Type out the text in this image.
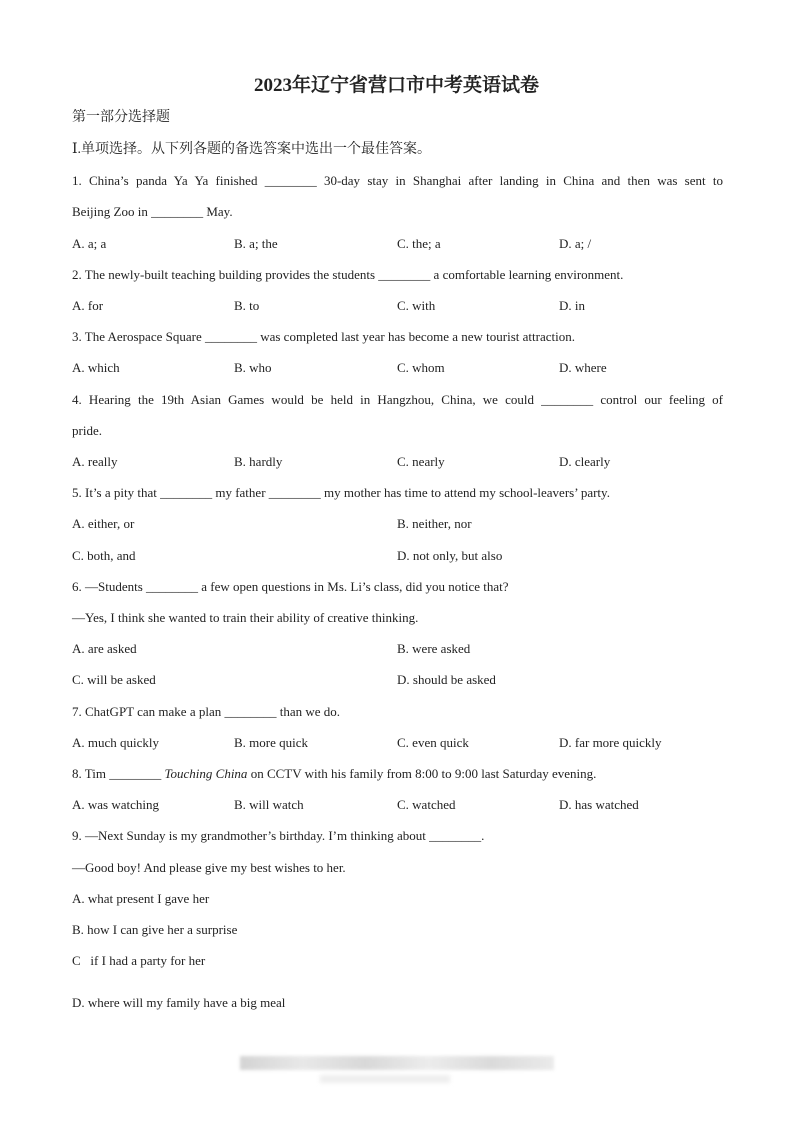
2023年辽宁省营口市中考英语试卷
第一部分选择题
Ⅰ.单项选择。从下列各题的备选答案中选出一个最佳答案。
1. China’s panda Ya Ya finished ________ 30-day stay in Shanghai after landing in China and then was sent to
Beijing Zoo in ________ May.
A. a; a	B. a; the	C. the; a	D. a; /
2. The newly-built teaching building provides the students ________ a comfortable learning environment.
A. for	B. to	C. with	D. in
3. The Aerospace Square ________ was completed last year has become a new tourist attraction.
A. which	B. who	C. whom	D. where
4. Hearing the 19th Asian Games would be held in Hangzhou, China, we could ________ control our feeling of
pride.
A. really	B. hardly	C. nearly	D. clearly
5. It’s a pity that ________ my father ________ my mother has time to attend my school-leavers’ party.
A. either, or	B. neither, nor
C. both, and	D. not only, but also
6. —Students ________ a few open questions in Ms. Li’s class, did you notice that?
—Yes, I think she wanted to train their ability of creative thinking.
A. are asked	B. were asked
C. will be asked	D. should be asked
7. ChatGPT can make a plan ________ than we do.
A. much quickly	B. more quick	C. even quick	D. far more quickly
8. Tim ________ Touching China on CCTV with his family from 8:00 to 9:00 last Saturday evening.
A. was watching	B. will watch	C. watched	D. has watched
9. —Next Sunday is my grandmother’s birthday. I’m thinking about ________.
—Good boy! And please give my best wishes to her.
A. what present I gave her
B. how I can give her a surprise
C   if I had a party for her
D. where will my family have a big meal
